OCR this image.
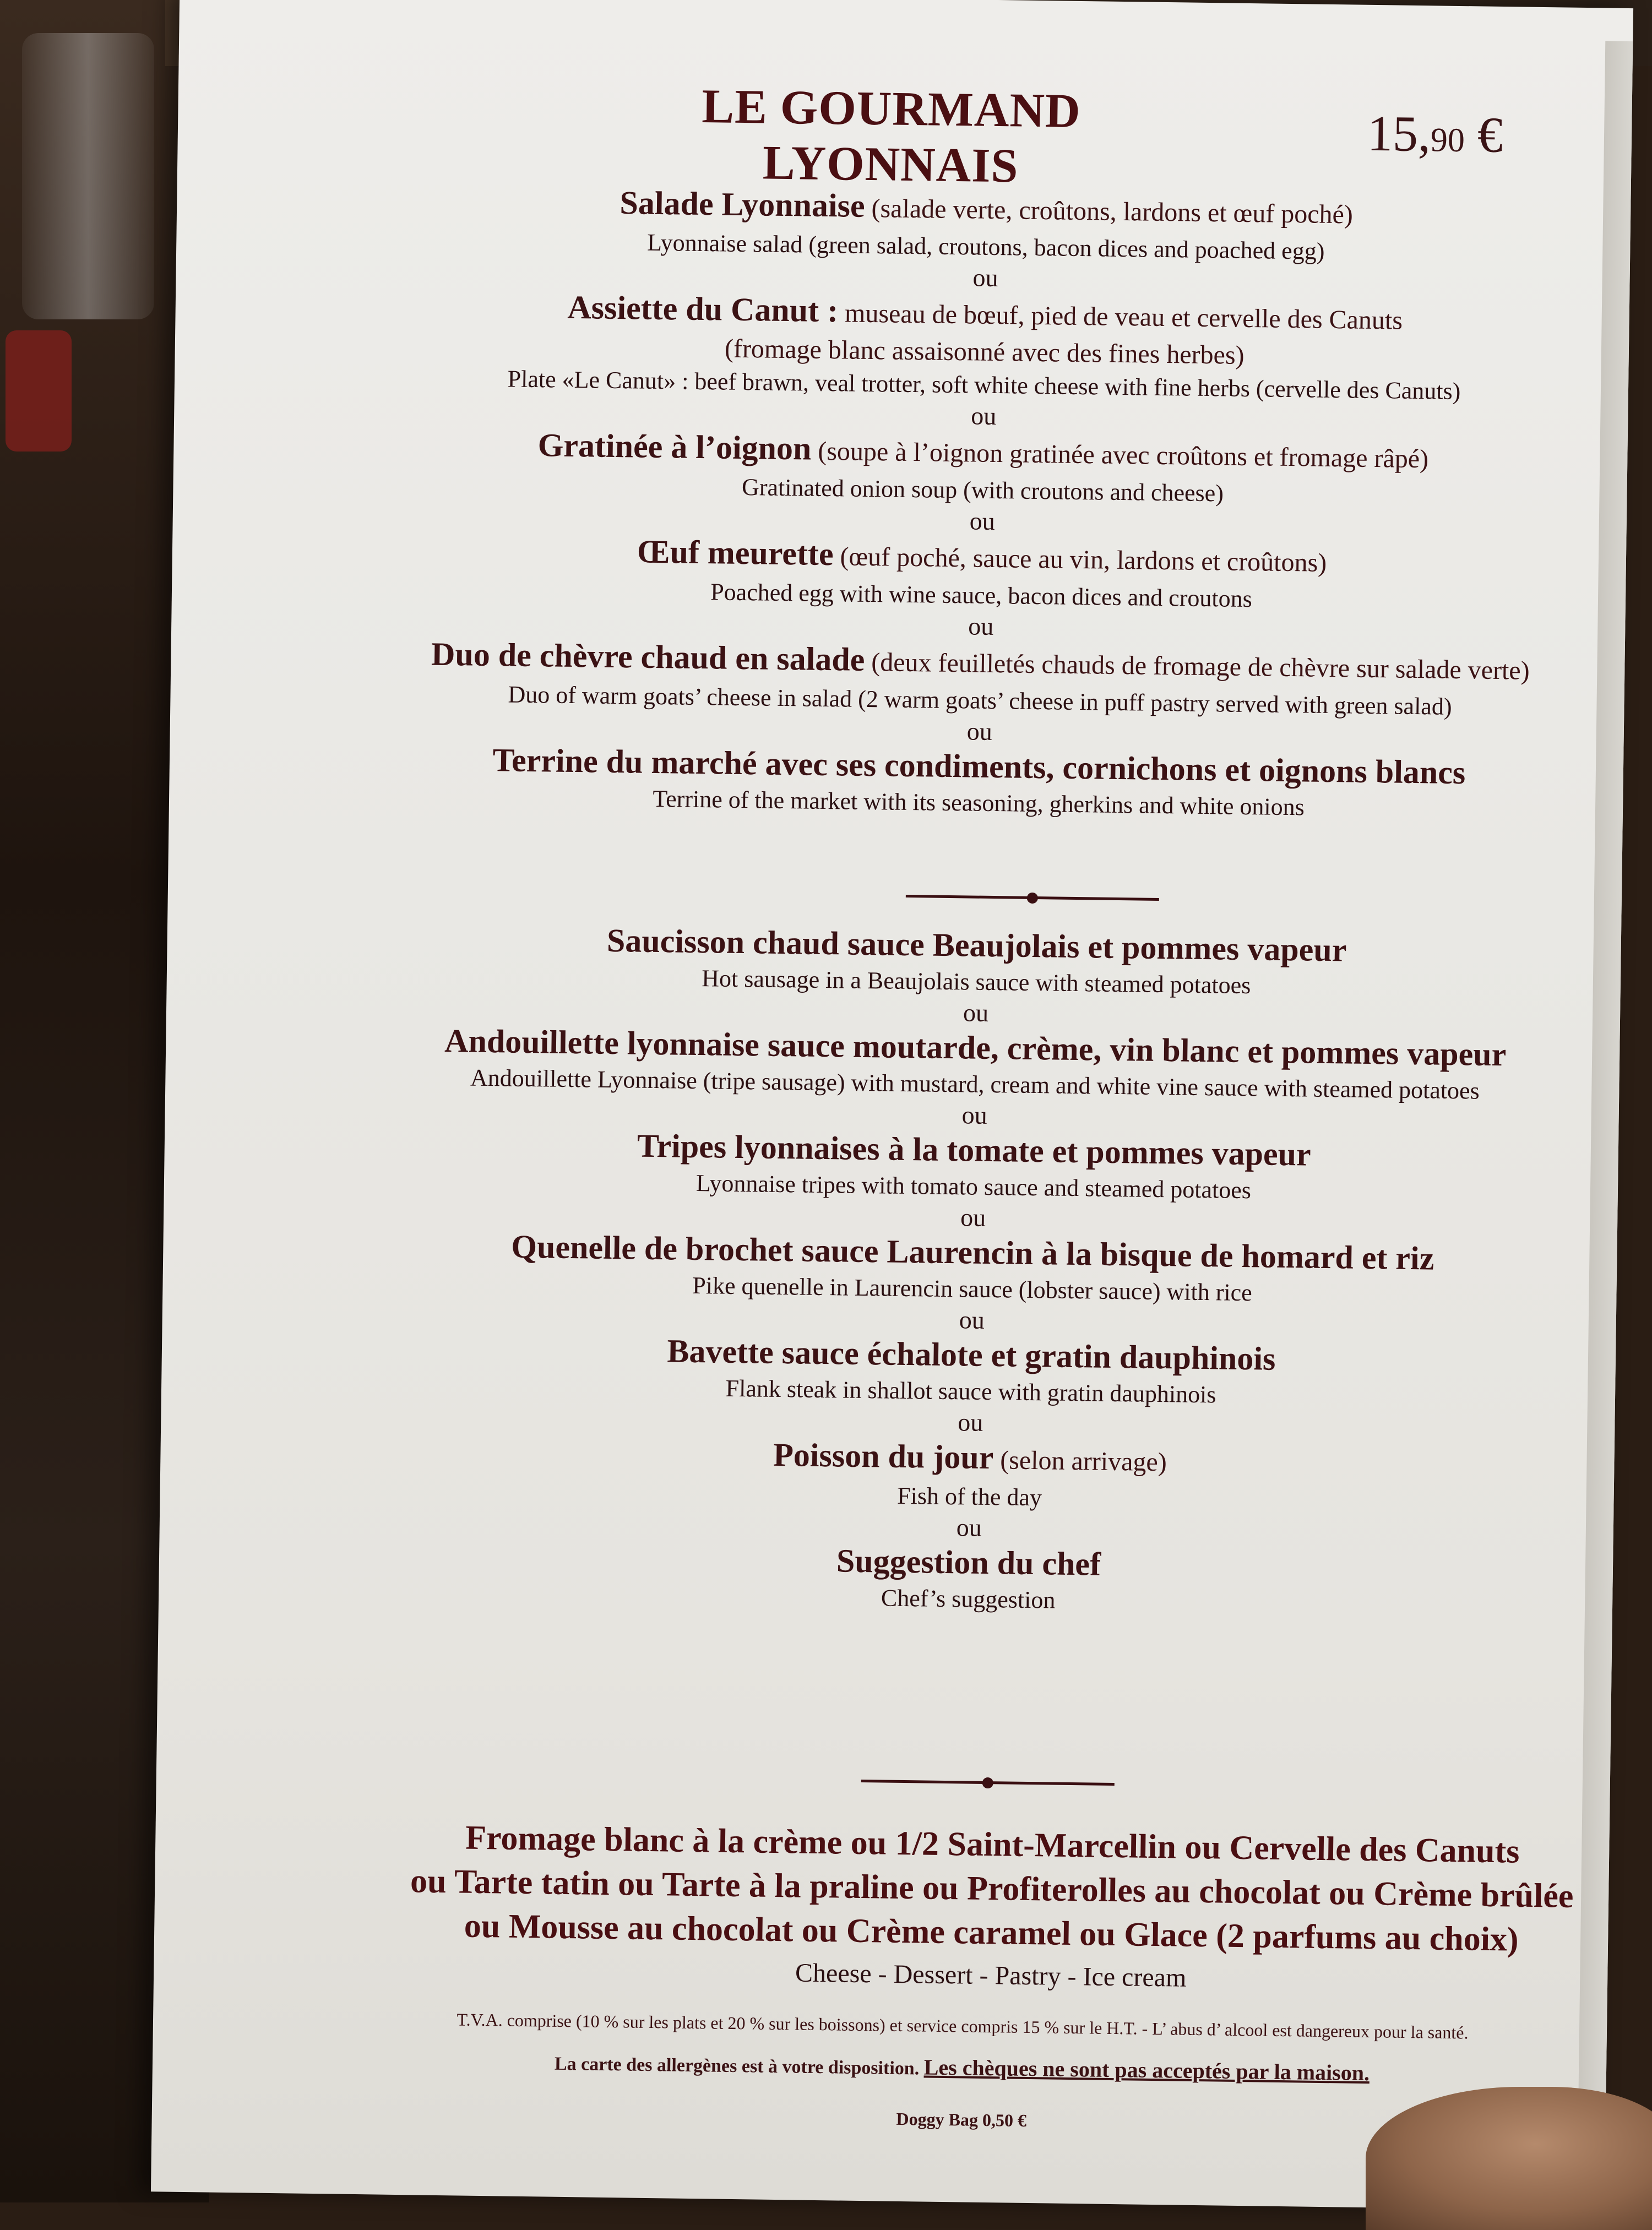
LE GOURMAND LYONNAIS
15,90 €
Salade Lyonnaise (salade verte, croûtons, lardons et œuf poché)
Lyonnaise salad (green salad, croutons, bacon dices and poached egg)
ou
Assiette du Canut : museau de bœuf, pied de veau et cervelle des Canuts
(fromage blanc assaisonné avec des fines herbes)
Plate «Le Canut» : beef brawn, veal trotter, soft white cheese with fine herbs (cervelle des Canuts)
ou
Gratinée à l’oignon (soupe à l’oignon gratinée avec croûtons et fromage râpé)
Gratinated onion soup (with croutons and cheese)
ou
Œuf meurette (œuf poché, sauce au vin, lardons et croûtons)
Poached egg with wine sauce, bacon dices and croutons
ou
Duo de chèvre chaud en salade (deux feuilletés chauds de fromage de chèvre sur salade verte)
Duo of warm goats’ cheese in salad (2 warm goats’ cheese in puff pastry served with green salad)
ou
Terrine du marché avec ses condiments, cornichons et oignons blancs
Terrine of the market with its seasoning, gherkins and white onions
Saucisson chaud sauce Beaujolais et pommes vapeur
Hot sausage in a Beaujolais sauce with steamed potatoes
ou
Andouillette lyonnaise sauce moutarde, crème, vin blanc et pommes vapeur
Andouillette Lyonnaise (tripe sausage) with mustard, cream and white vine sauce with steamed potatoes
ou
Tripes lyonnaises à la tomate et pommes vapeur
Lyonnaise tripes with tomato sauce and steamed potatoes
ou
Quenelle de brochet sauce Laurencin à la bisque de homard et riz
Pike quenelle in Laurencin sauce (lobster sauce) with rice
ou
Bavette sauce échalote et gratin dauphinois
Flank steak in shallot sauce with gratin dauphinois
ou
Poisson du jour (selon arrivage)
Fish of the day
ou
Suggestion du chef
Chef’s suggestion
Fromage blanc à la crème ou 1/2 Saint-Marcellin ou Cervelle des Canuts
ou Tarte tatin ou Tarte à la praline ou Profiterolles au chocolat ou Crème brûlée
ou Mousse au chocolat ou Crème caramel ou Glace (2 parfums au choix)
Cheese - Dessert - Pastry - Ice cream
T.V.A. comprise (10 % sur les plats et 20 % sur les boissons) et service compris 15 % sur le H.T. - L’ abus d’ alcool est dangereux pour la santé.
La carte des allergènes est à votre disposition. Les chèques ne sont pas acceptés par la maison.
Doggy Bag 0,50 €
